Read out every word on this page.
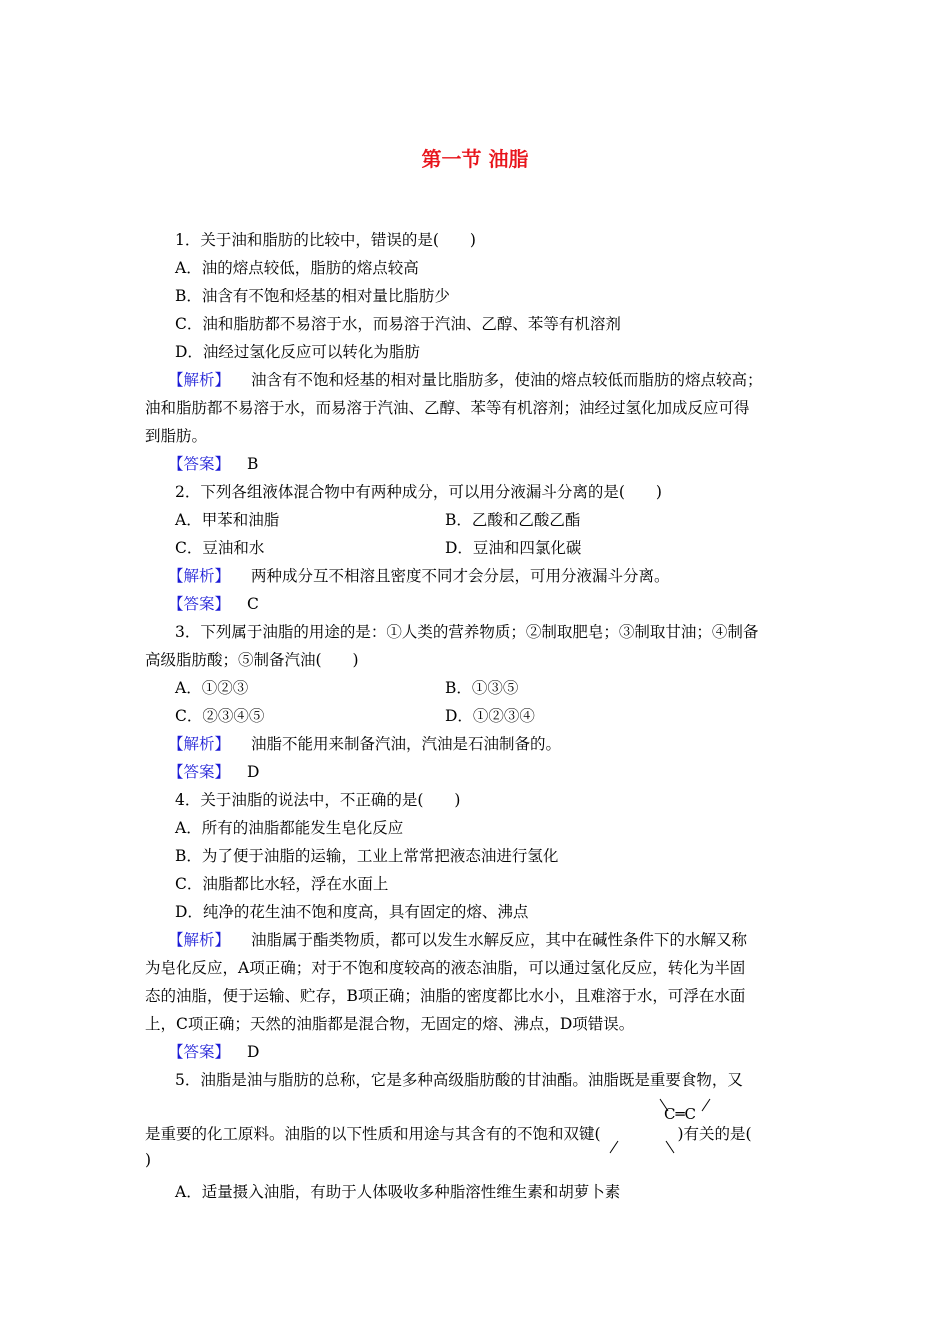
第一节 油脂
1．关于油和脂肪的比较中，错误的是(　　)
A．油的熔点较低，脂肪的熔点较高
B．油含有不饱和烃基的相对量比脂肪少
C．油和脂肪都不易溶于水，而易溶于汽油、乙醇、苯等有机溶剂
D．油经过氢化反应可以转化为脂肪
【解析】 油含有不饱和烃基的相对量比脂肪多，使油的熔点较低而脂肪的熔点较高；
油和脂肪都不易溶于水，而易溶于汽油、乙醇、苯等有机溶剂；油经过氢化加成反应可得
到脂肪。
【答案】 B
2．下列各组液体混合物中有两种成分，可以用分液漏斗分离的是(　　)
A．甲苯和油脂	B．乙酸和乙酸乙酯
C．豆油和水	D．豆油和四氯化碳
【解析】 两种成分互不相溶且密度不同才会分层，可用分液漏斗分离。
【答案】 C
3．下列属于油脂的用途的是：①人类的营养物质；②制取肥皂；③制取甘油；④制备
高级脂肪酸；⑤制备汽油(　　)
A．①②③	B．①③⑤
C．②③④⑤	D．①②③④
【解析】 油脂不能用来制备汽油，汽油是石油制备的。
【答案】 D
4．关于油脂的说法中，不正确的是(　　)
A．所有的油脂都能发生皂化反应
B．为了便于油脂的运输，工业上常常把液态油进行氢化
C．油脂都比水轻，浮在水面上
D．纯净的花生油不饱和度高，具有固定的熔、沸点
【解析】 油脂属于酯类物质，都可以发生水解反应，其中在碱性条件下的水解又称
为皂化反应，A项正确；对于不饱和度较高的液态油脂，可以通过氢化反应，转化为半固
态的油脂，便于运输、贮存，B项正确；油脂的密度都比水小，且难溶于水，可浮在水面
上，C项正确；天然的油脂都是混合物，无固定的熔、沸点，D项错误。
【答案】 D
5．油脂是油与脂肪的总称，它是多种高级脂肪酸的甘油酯。油脂既是重要食物，又
C═C
是重要的化工原料。油脂的以下性质和用途与其含有的不饱和双键(	)有关的是(
)
A．适量摄入油脂，有助于人体吸收多种脂溶性维生素和胡萝卜素
